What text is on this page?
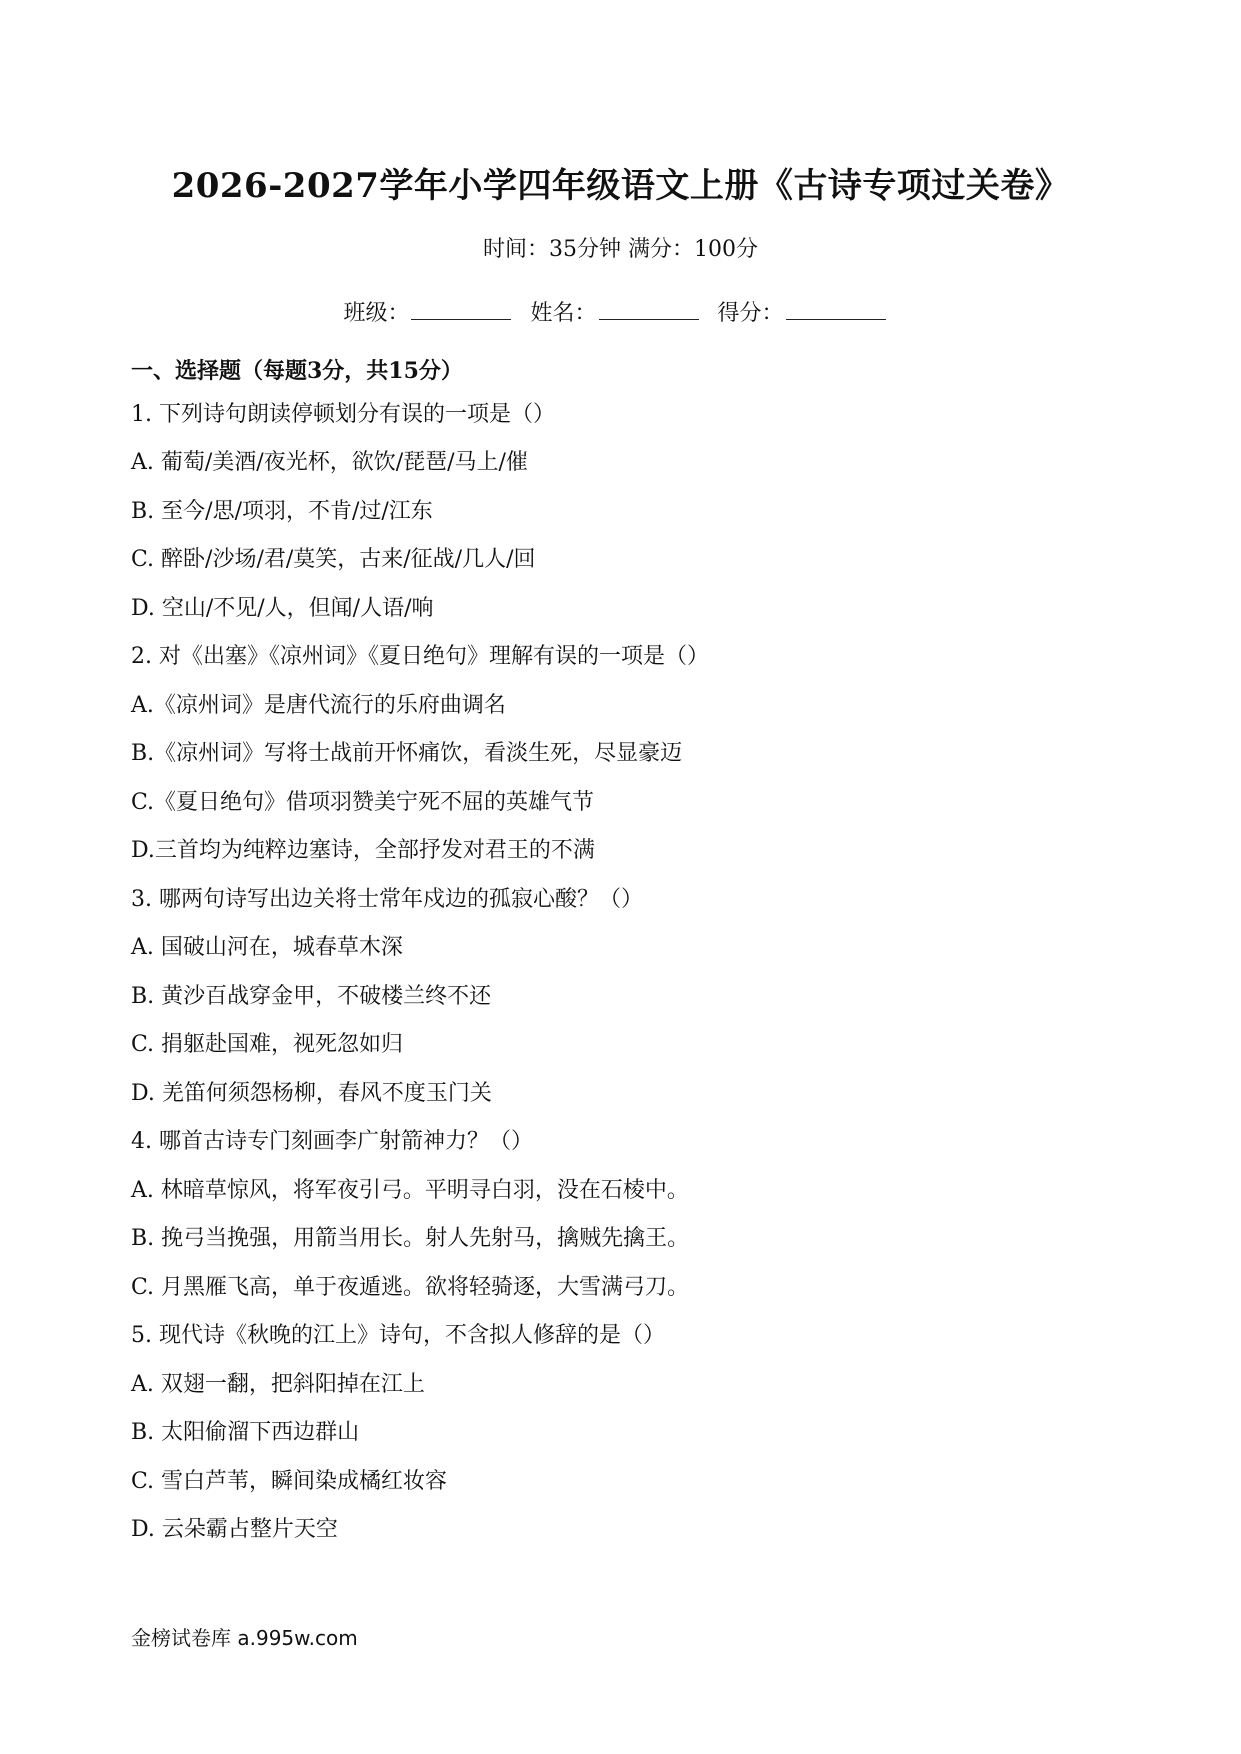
2026-2027学年小学四年级语文上册《古诗专项过关卷》
时间：35分钟 满分：100分
班级：	姓名：	得分：
一、选择题（每题3分，共15分）
1. 下列诗句朗读停顿划分有误的一项是（）
A. 葡萄/美酒/夜光杯，欲饮/琵琶/马上/催
B. 至今/思/项羽，不肯/过/江东
C. 醉卧/沙场/君/莫笑，古来/征战/几人/回
D. 空山/不见/人，但闻/人语/响
2. 对《出塞》《凉州词》《夏日绝句》理解有误的一项是（）
A.《凉州词》是唐代流行的乐府曲调名
B.《凉州词》写将士战前开怀痛饮，看淡生死，尽显豪迈
C.《夏日绝句》借项羽赞美宁死不屈的英雄气节
D.三首均为纯粹边塞诗，全部抒发对君王的不满
3. 哪两句诗写出边关将士常年戍边的孤寂心酸？（）
A. 国破山河在，城春草木深
B. 黄沙百战穿金甲，不破楼兰终不还
C. 捐躯赴国难，视死忽如归
D. 羌笛何须怨杨柳，春风不度玉门关
4. 哪首古诗专门刻画李广射箭神力？（）
A. 林暗草惊风，将军夜引弓。平明寻白羽，没在石棱中。
B. 挽弓当挽强，用箭当用长。射人先射马，擒贼先擒王。
C. 月黑雁飞高，单于夜遁逃。欲将轻骑逐，大雪满弓刀。
5. 现代诗《秋晚的江上》诗句，不含拟人修辞的是（）
A. 双翅一翻，把斜阳掉在江上
B. 太阳偷溜下西边群山
C. 雪白芦苇，瞬间染成橘红妆容
D. 云朵霸占整片天空
金榜试卷库 a.995w.com
